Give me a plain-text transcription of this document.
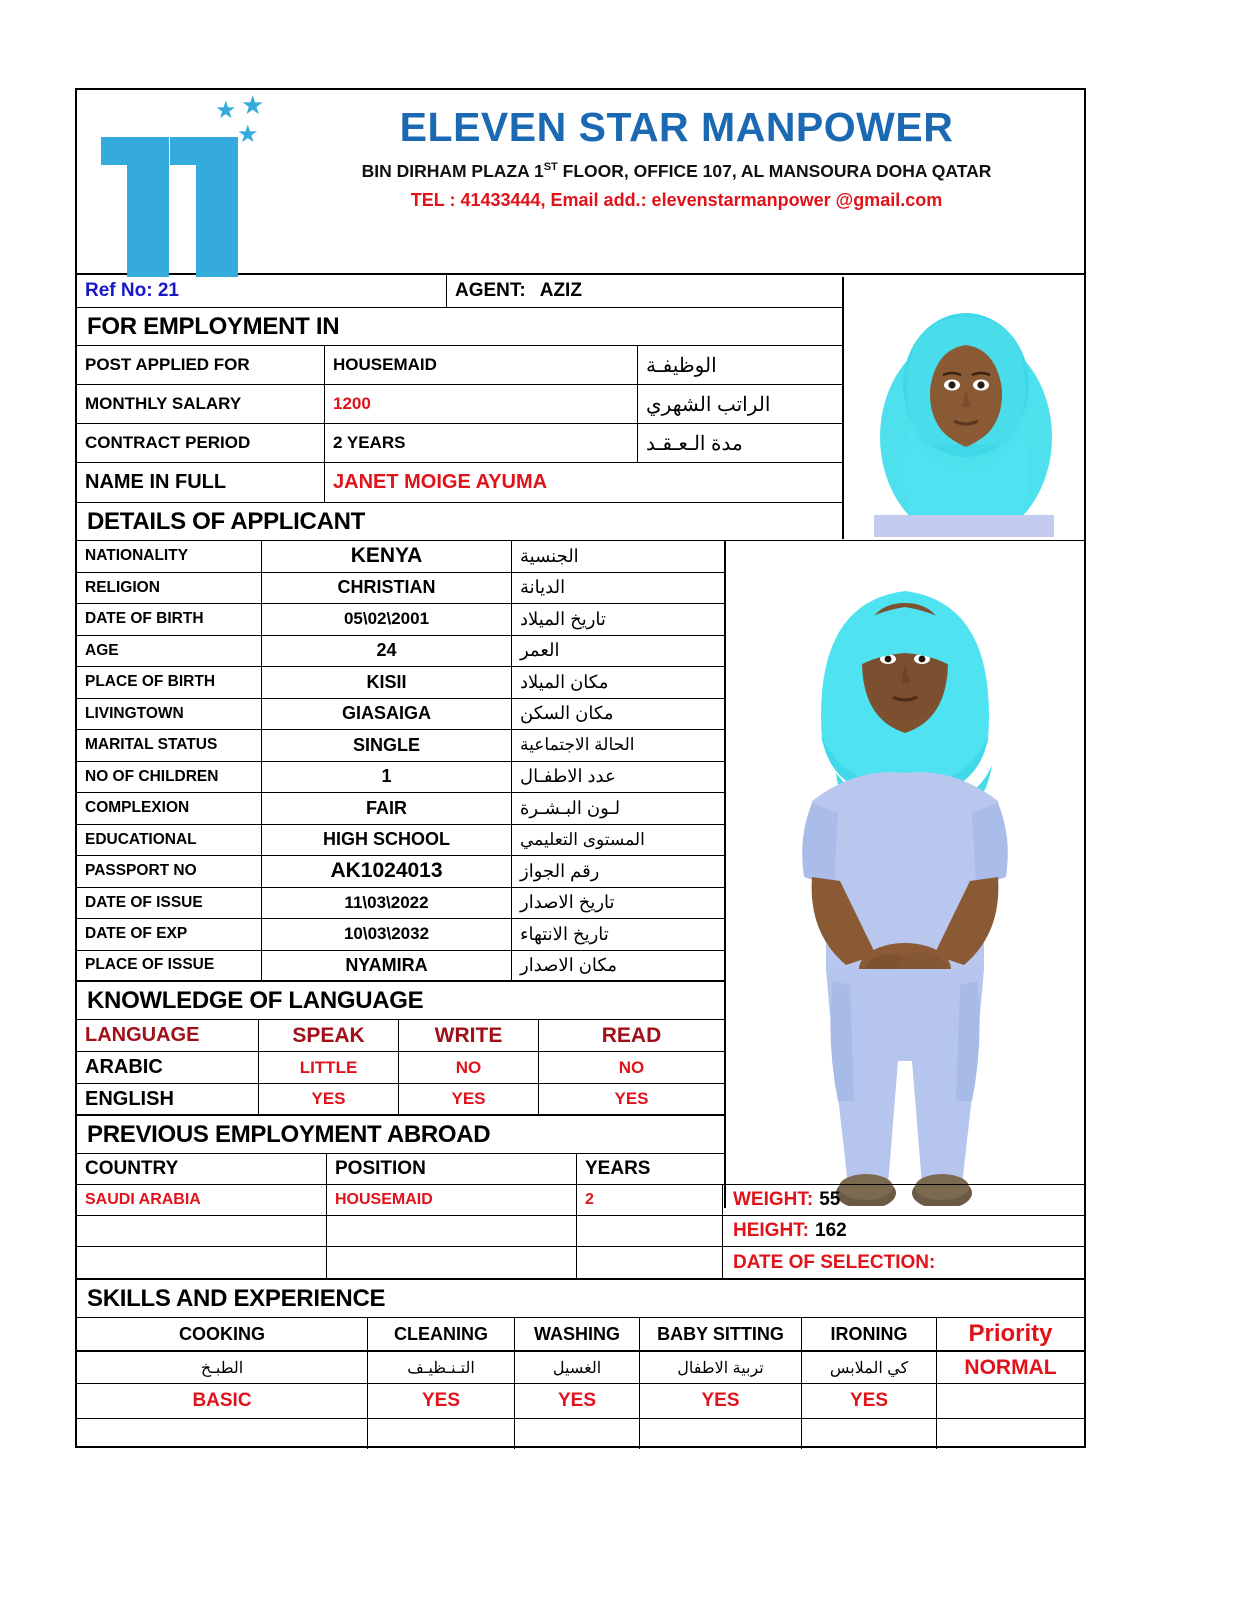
★ ★
★	ELEVEN STAR MANPOWER
BIN DIRHAM PLAZA 1ST FLOOR, OFFICE 107, AL MANSOURA DOHA QATAR
TEL : 41433444, Email add.: elevenstarmanpower @gmail.com
Ref No: 21	AGENT: AZIZ
FOR EMPLOYMENT IN
POST APPLIED FOR	HOUSEMAID	الوظيفـة
MONTHLY SALARY	1200	الراتب الشهري
CONTRACT PERIOD	2 YEARS	مدة الـعـقـد
NAME IN FULL	JANET MOIGE AYUMA
DETAILS OF APPLICANT
NATIONALITY	KENYA	الجنسية
RELIGION	CHRISTIAN	الديانة
DATE OF BIRTH	05\02\2001	تاريخ الميلاد
AGE	24	العمر
PLACE OF BIRTH	KISII	مكان الميلاد
LIVINGTOWN	GIASAIGA	مكان السكن
MARITAL STATUS	SINGLE	الحالة الاجتماعية
NO OF CHILDREN	1	عدد الاطفـال
COMPLEXION	FAIR	لـون البـشـرة
EDUCATIONAL	HIGH SCHOOL	المستوى التعليمي
PASSPORT NO	AK1024013	رقم الجواز
DATE OF ISSUE	11\03\2022	تاريخ الاصدار
DATE OF EXP	10\03\2032	تاريخ الانتهاء
PLACE OF ISSUE	NYAMIRA	مكان الاصدار
KNOWLEDGE OF LANGUAGE
LANGUAGE	SPEAK	WRITE	READ
ARABIC	LITTLE	NO	NO
ENGLISH	YES	YES	YES
PREVIOUS EMPLOYMENT ABROAD
COUNTRY	POSITION	YEARS
SAUDI ARABIA	HOUSEMAID	2	WEIGHT: 55
HEIGHT: 162
DATE OF SELECTION:
SKILLS AND EXPERIENCE
COOKING	CLEANING	WASHING	BABY SITTING	IRONING	Priority
الطبـخ	التـنـظيـف	الغسيل	تربية الاطفال	كي الملابس	NORMAL
BASIC	YES	YES	YES	YES
